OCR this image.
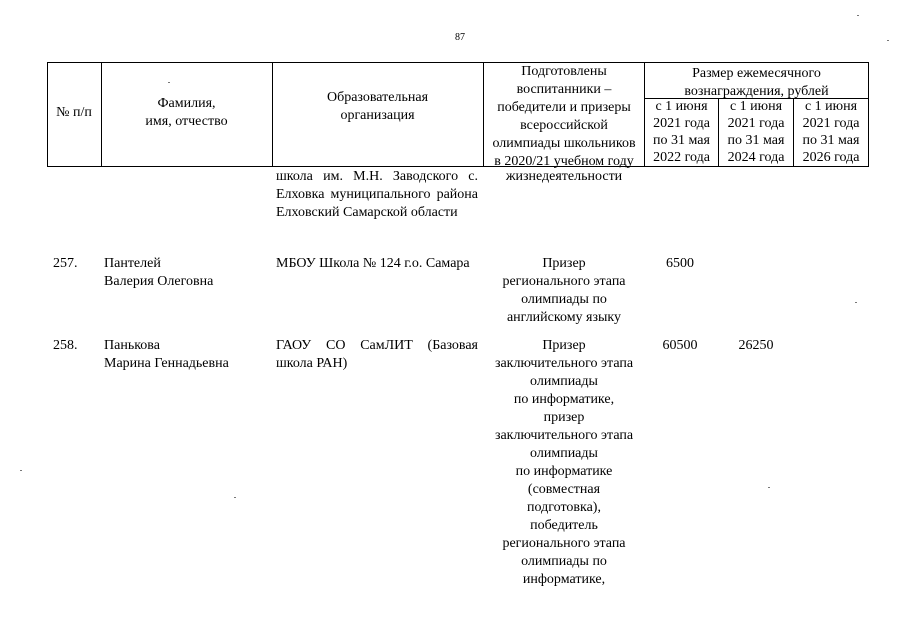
87
№ п/п
Фамилия,
имя, отчество
Образовательная
организация
Подготовлены
воспитанники –
победители и призеры
всероссийской
олимпиады школьников
в 2020/21 учебном году
Размер ежемесячного
вознаграждения, рублей
с 1 июня
2021 года
по 31 мая
2022 года
с 1 июня
2021 года
по 31 мая
2024 года
с 1 июня
2021 года
по 31 мая
2026 года
школа им. М.Н. Заводского с. Елховка муниципального района Елховский Самарской области
жизнедеятельности
257. Пантелей
Валерия Олеговна
МБОУ Школа № 124 г.о. Самара	Призер
регионального этапа
олимпиады по
английскому языку
6500
258. Панькова
Марина Геннадьевна
ГАОУ СО СамЛИТ (Базовая школа РАН)
Призер
заключительного этапа
олимпиады
по информатике,
призер
заключительного этапа
олимпиады
по информатике
(совместная
подготовка),
победитель
регионального этапа
олимпиады по
информатике,
60500	26250
